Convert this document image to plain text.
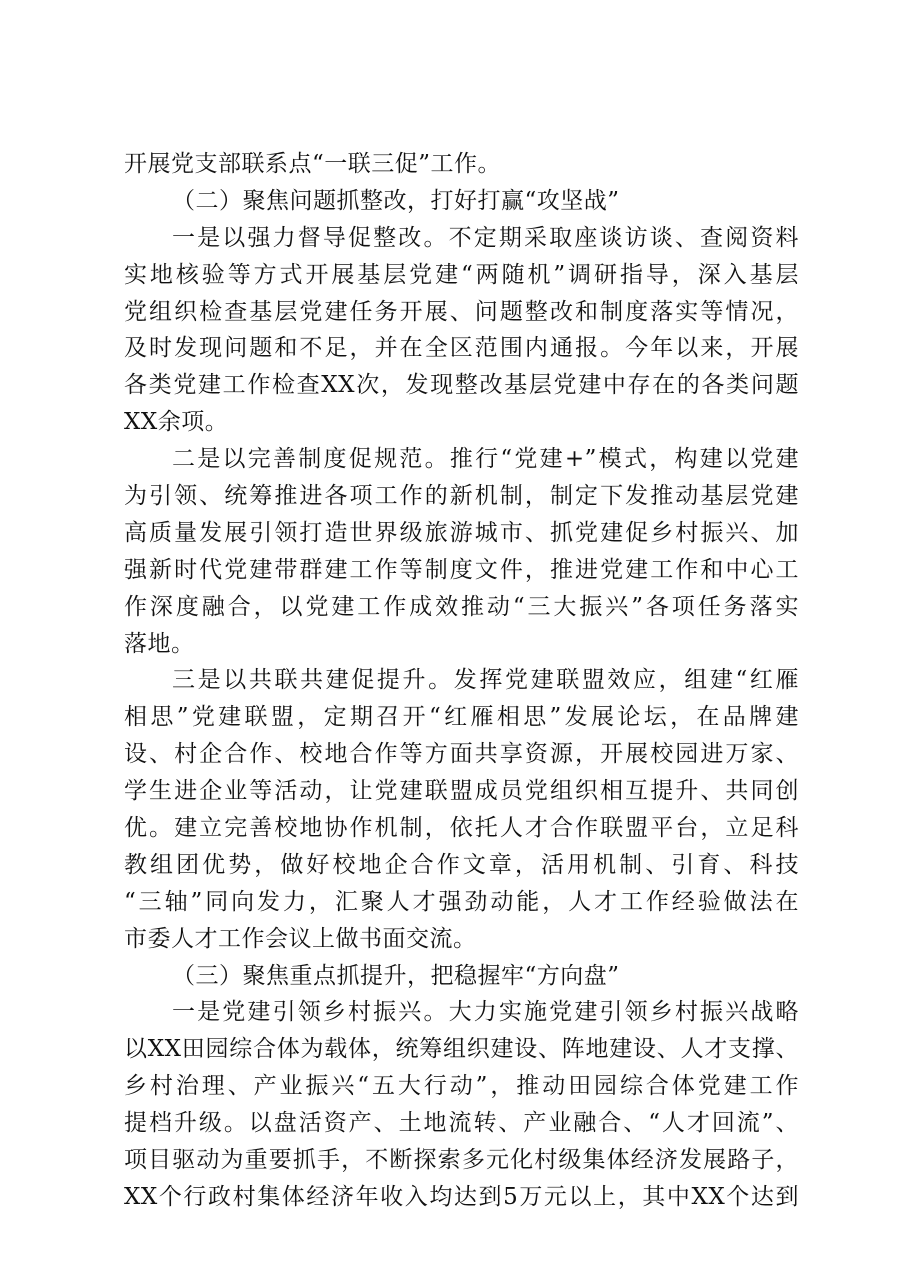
开展党支部联系点“一联三促”工作。
（二）聚焦问题抓整改，打好打赢“攻坚战”
一是以强力督导促整改。不定期采取座谈访谈、查阅资料
实地核验等方式开展基层党建“两随机”调研指导，深入基层
党组织检查基层党建任务开展、问题整改和制度落实等情况，
及时发现问题和不足，并在全区范围内通报。今年以来，开展
各类党建工作检查XX次，发现整改基层党建中存在的各类问题
XX余项。
二是以完善制度促规范。推行“党建+”模式，构建以党建
为引领、统筹推进各项工作的新机制，制定下发推动基层党建
高质量发展引领打造世界级旅游城市、抓党建促乡村振兴、加
强新时代党建带群建工作等制度文件，推进党建工作和中心工
作深度融合，以党建工作成效推动“三大振兴”各项任务落实
落地。
三是以共联共建促提升。发挥党建联盟效应，组建“红雁
相思”党建联盟，定期召开“红雁相思”发展论坛，在品牌建
设、村企合作、校地合作等方面共享资源，开展校园进万家、
学生进企业等活动，让党建联盟成员党组织相互提升、共同创
优。建立完善校地协作机制，依托人才合作联盟平台，立足科
教组团优势，做好校地企合作文章，活用机制、引育、科技
“三轴”同向发力，汇聚人才强劲动能，人才工作经验做法在
市委人才工作会议上做书面交流。
（三）聚焦重点抓提升，把稳握牢“方向盘”
一是党建引领乡村振兴。大力实施党建引领乡村振兴战略
以XX田园综合体为载体，统筹组织建设、阵地建设、人才支撑、
乡村治理、产业振兴“五大行动”，推动田园综合体党建工作
提档升级。以盘活资产、土地流转、产业融合、“人才回流”、
项目驱动为重要抓手，不断探索多元化村级集体经济发展路子，
XX个行政村集体经济年收入均达到5万元以上，其中XX个达到
